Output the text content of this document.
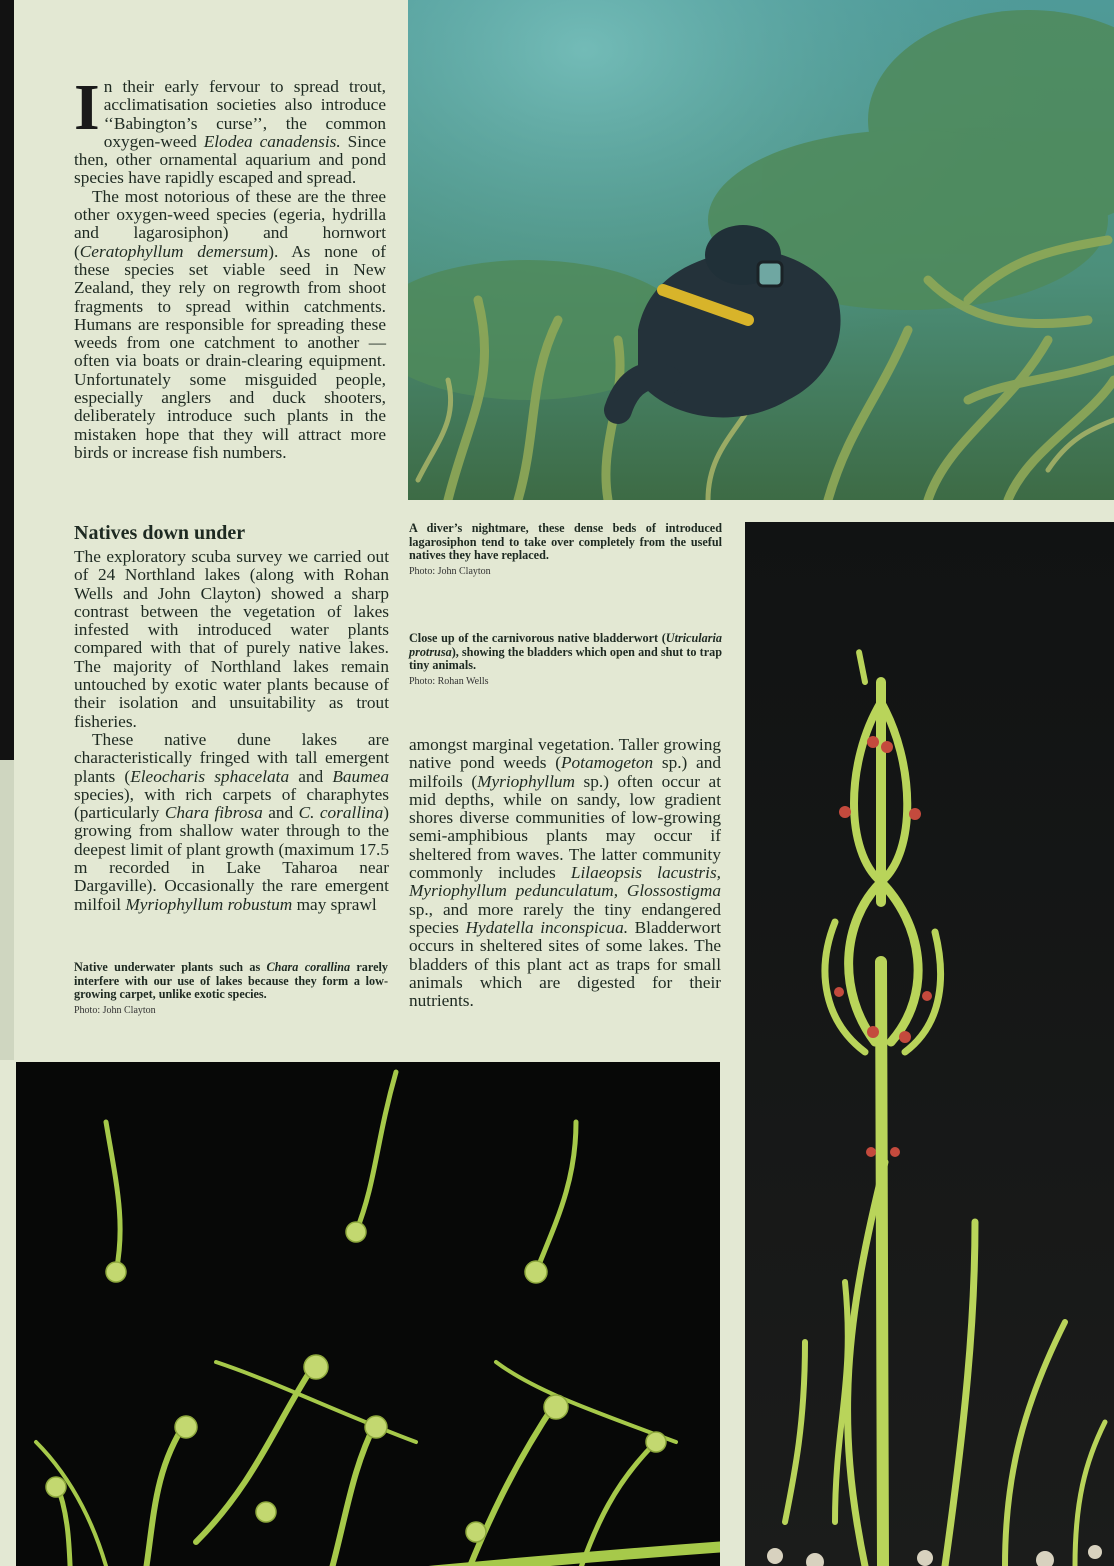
In their early fervour to spread trout, acclimatisation societies also introduce ‘‘Babington’s curse’’, the common oxygen-weed Elodea canadensis. Since then, other ornamental aquarium and pond species have rapidly escaped and spread.

The most notorious of these are the three other oxygen-weed species (egeria, hydrilla and lagarosiphon) and hornwort (Ceratophyllum demersum). As none of these species set viable seed in New Zealand, they rely on regrowth from shoot fragments to spread within catchments. Humans are responsible for spreading these weeds from one catchment to another — often via boats or drain-clearing equipment. Unfortunately some misguided people, especially anglers and duck shooters, deliberately introduce such plants in the mistaken hope that they will attract more birds or increase fish numbers.

Natives down under

The exploratory scuba survey we carried out of 24 Northland lakes (along with Rohan Wells and John Clayton) showed a sharp contrast between the vegetation of lakes infested with introduced water plants compared with that of purely native lakes. The majority of Northland lakes remain untouched by exotic water plants because of their isolation and unsuitability as trout fisheries.

These native dune lakes are characteristically fringed with tall emergent plants (Eleocharis sphacelata and Baumea species), with rich carpets of charaphytes (particularly Chara fibrosa and C. corallina) growing from shallow water through to the deepest limit of plant growth (maximum 17.5 m recorded in Lake Taharoa near Dargaville). Occasionally the rare emergent milfoil Myriophyllum robustum may sprawl

amongst marginal vegetation. Taller growing native pond weeds (Potamogeton sp.) and milfoils (Myriophyllum sp.) often occur at mid depths, while on sandy, low gradient shores diverse communities of low-growing semi-amphibious plants may occur if sheltered from waves. The latter community commonly includes Lilaeopsis lacustris, Myriophyllum pedunculatum, Glossostigma sp., and more rarely the tiny endangered species Hydatella inconspicua. Bladderwort occurs in sheltered sites of some lakes. The bladders of this plant act as traps for small animals which are digested for their nutrients.

A diver’s nightmare, these dense beds of introduced lagarosiphon tend to take over completely from the useful natives they have replaced.
Photo: John Clayton
Close up of the carnivorous native bladderwort (Utricularia protrusa), showing the bladders which open and shut to trap tiny animals.
Photo: Rohan Wells
Native underwater plants such as Chara corallina rarely interfere with our use of lakes because they form a low-growing carpet, unlike exotic species.
Photo: John Clayton
